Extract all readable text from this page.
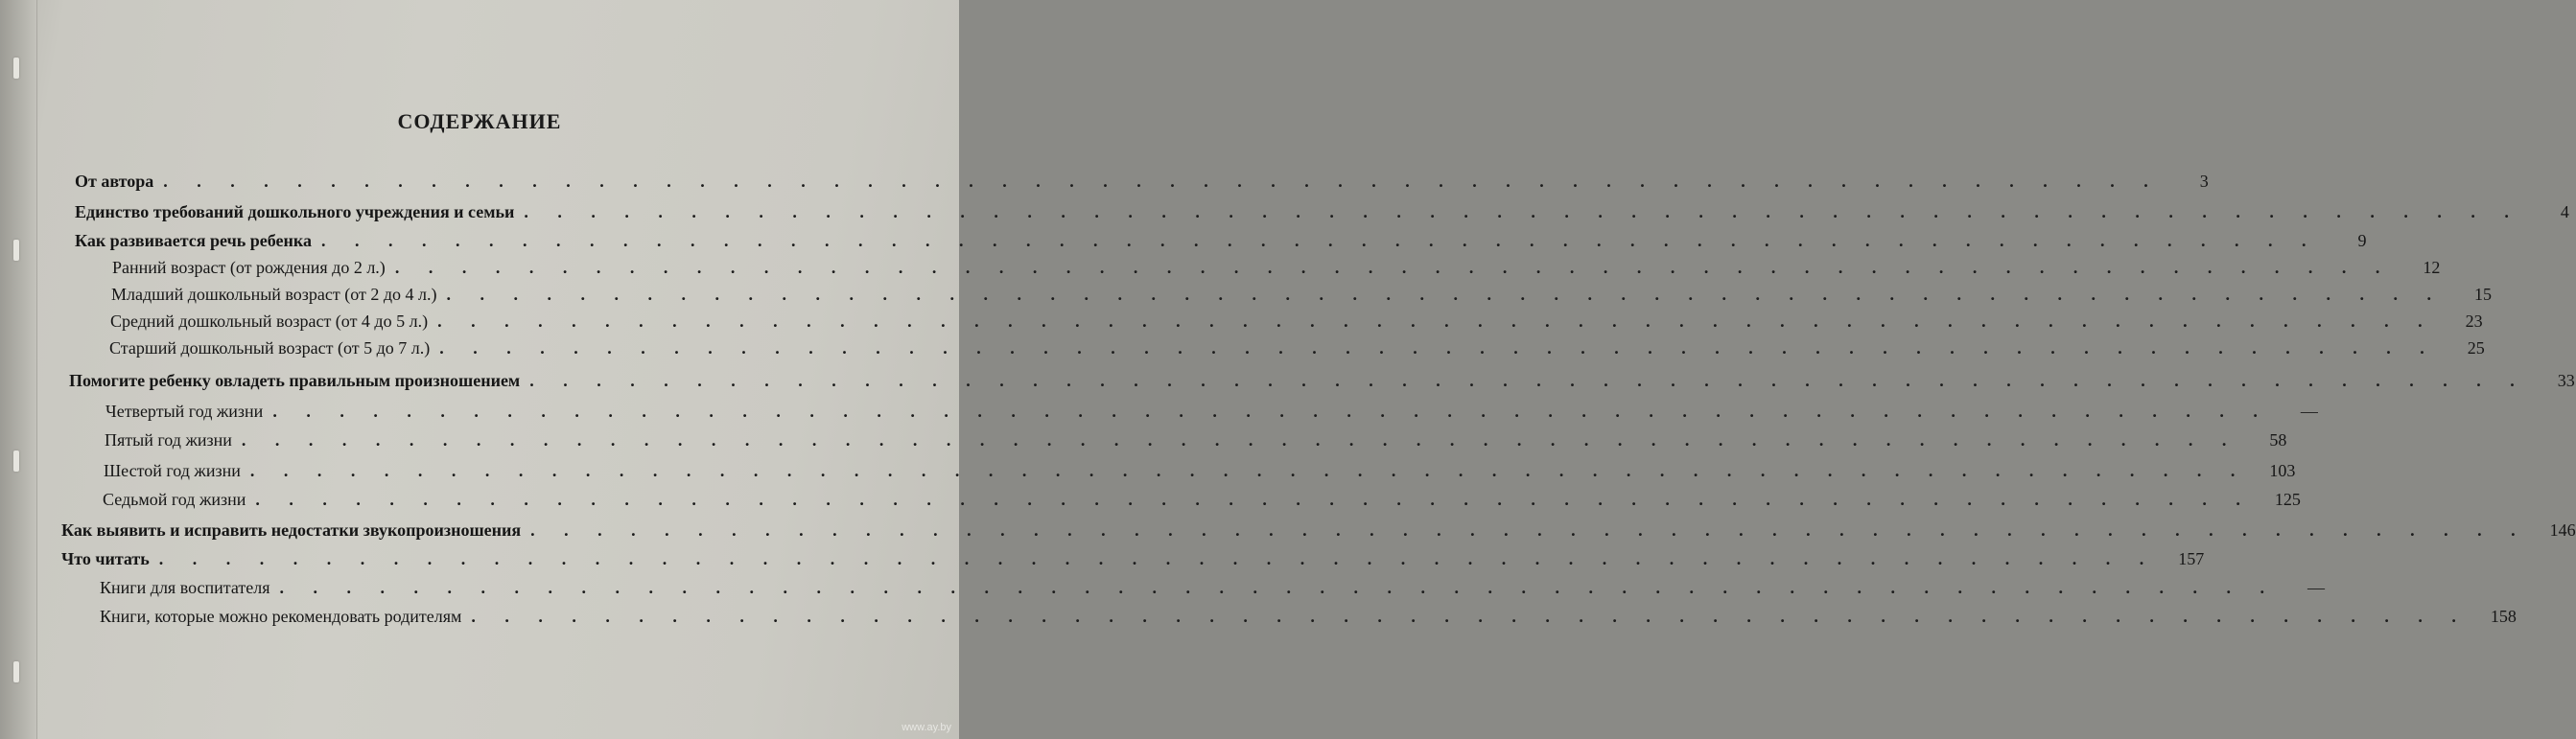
СОДЕРЖАНИЕ
От автора . . . . . . . . . . . . . . . . . . . . . . . . . . . . . . . . . . . . . . . . . . . . . . . . . . . . . . . . . . . .	3
Единство требований дошкольного учреждения и семьи . . . . . . . . . . . . . . . . . . . . . . . . . . . . . . . . . . . . . . . . . . . . . . . . . . . . . . . . . . . .	4
Как развивается речь ребенка . . . . . . . . . . . . . . . . . . . . . . . . . . . . . . . . . . . . . . . . . . . . . . . . . . . . . . . . . . . .	9
Ранний возраст (от рождения до 2 л.) . . . . . . . . . . . . . . . . . . . . . . . . . . . . . . . . . . . . . . . . . . . . . . . . . . . . . . . . . . . .	12
Младший дошкольный возраст (от 2 до 4 л.) . . . . . . . . . . . . . . . . . . . . . . . . . . . . . . . . . . . . . . . . . . . . . . . . . . . . . . . . . . . .	15
Средний дошкольный возраст (от 4 до 5 л.) . . . . . . . . . . . . . . . . . . . . . . . . . . . . . . . . . . . . . . . . . . . . . . . . . . . . . . . . . . . .	23
Старший дошкольный возраст (от 5 до 7 л.) . . . . . . . . . . . . . . . . . . . . . . . . . . . . . . . . . . . . . . . . . . . . . . . . . . . . . . . . . . . .	25
Помогите ребенку овладеть правильным произношением . . . . . . . . . . . . . . . . . . . . . . . . . . . . . . . . . . . . . . . . . . . . . . . . . . . . . . . . . . . .	33
Четвертый год жизни . . . . . . . . . . . . . . . . . . . . . . . . . . . . . . . . . . . . . . . . . . . . . . . . . . . . . . . . . . . .	—
Пятый год жизни . . . . . . . . . . . . . . . . . . . . . . . . . . . . . . . . . . . . . . . . . . . . . . . . . . . . . . . . . . . .	58
Шестой год жизни . . . . . . . . . . . . . . . . . . . . . . . . . . . . . . . . . . . . . . . . . . . . . . . . . . . . . . . . . . . .	103
Седьмой год жизни . . . . . . . . . . . . . . . . . . . . . . . . . . . . . . . . . . . . . . . . . . . . . . . . . . . . . . . . . . . .	125
Как выявить и исправить недостатки звукопроизношения . . . . . . . . . . . . . . . . . . . . . . . . . . . . . . . . . . . . . . . . . . . . . . . . . . . . . . . . . . . .	146
Что читать . . . . . . . . . . . . . . . . . . . . . . . . . . . . . . . . . . . . . . . . . . . . . . . . . . . . . . . . . . . .	157
Книги для воспитателя . . . . . . . . . . . . . . . . . . . . . . . . . . . . . . . . . . . . . . . . . . . . . . . . . . . . . . . . . . . .	—
Книги, которые можно рекомендовать родителям . . . . . . . . . . . . . . . . . . . . . . . . . . . . . . . . . . . . . . . . . . . . . . . . . . . . . . . . . . . .	158
www.ay.by
